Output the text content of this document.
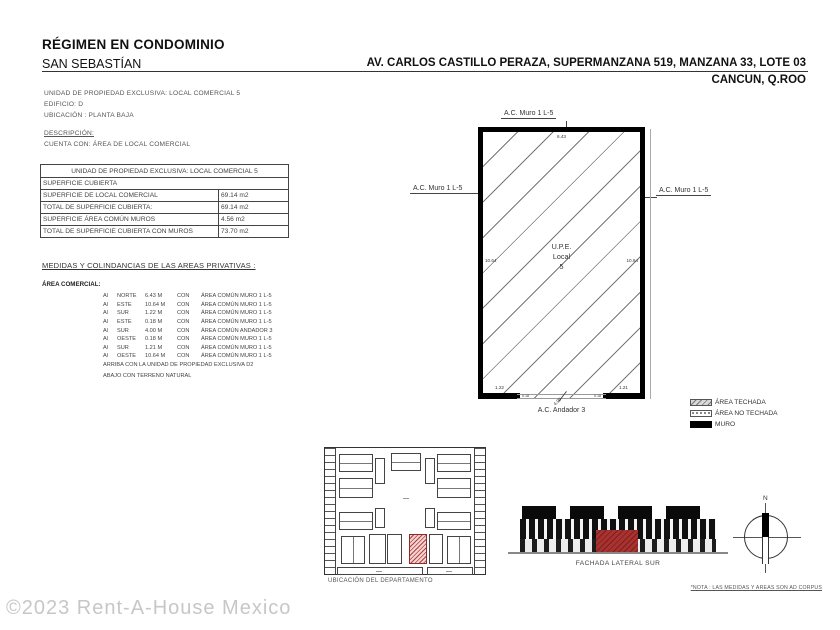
RÉGIMEN EN CONDOMINIO
SAN SEBASTÍAN	AV. CARLOS CASTILLO PERAZA, SUPERMANZANA 519, MANZANA 33, LOTE 03
CANCUN, Q.ROO
UNIDAD DE PROPIEDAD EXCLUSIVA: LOCAL COMERCIAL 5
EDIFICIO: D
UBICACIÓN : PLANTA BAJA
DESCRIPCIÓN:
CUENTA CON: ÁREA DE LOCAL COMERCIAL
UNIDAD DE PROPIEDAD EXCLUSIVA: LOCAL COMERCIAL 5
SUPERFICIE CUBIERTA
SUPERFICIE DE LOCAL COMERCIAL	69.14 m2
TOTAL DE SUPERFICIE CUBIERTA:	69.14 m2
SUPERFICIE ÁREA COMÚN MUROS	4.56 m2
TOTAL DE SUPERFICIE CUBIERTA CON MUROS	73.70 m2
MEDIDAS Y COLINDANCIAS DE LAS AREAS PRIVATIVAS :
ÁREA COMERCIAL:
Al	NORTE	6.43 M	CON	ÁREA COMÚN MURO 1 L-5
Al	ESTE	10.64 M	CON	ÁREA COMÚN MURO 1 L-5
Al	SUR	1.22 M	CON	ÁREA COMÚN MURO 1 L-5
Al	ESTE	0.18 M	CON	ÁREA COMÚN MURO 1 L-5
Al	SUR	4.00 M	CON	ÁREA COMÚN ANDADOR 3
Al	OESTE	0.18 M	CON	ÁREA COMÚN MURO 1 L-5
Al	SUR	1.21 M	CON	ÁREA COMÚN MURO 1 L-5
Al	OESTE	10.64 M	CON	ÁREA COMÚN MURO 1 L-5
ARRIBA CON LA UNIDAD DE PROPIEDAD EXCLUSIVA D2
ABAJO CON TERRENO NATURAL
A.C. Muro 1 L-5
A.C. Muro 1 L-5	A.C. Muro 1 L-5
6.43
10.64	10.64
1.22	1.21
0.18	0.18
U.P.E.
Local
5
4.00
A.C. Andador 3
ÁREA TECHADA
ÁREA NO TECHADA
MURO
UBICACIÓN DEL DEPARTAMENTO
FACHADA LATERAL SUR
N
*NOTA : LAS MEDIDAS Y AREAS SON AD CORPUS
©2023 Rent-A-House Mexico
